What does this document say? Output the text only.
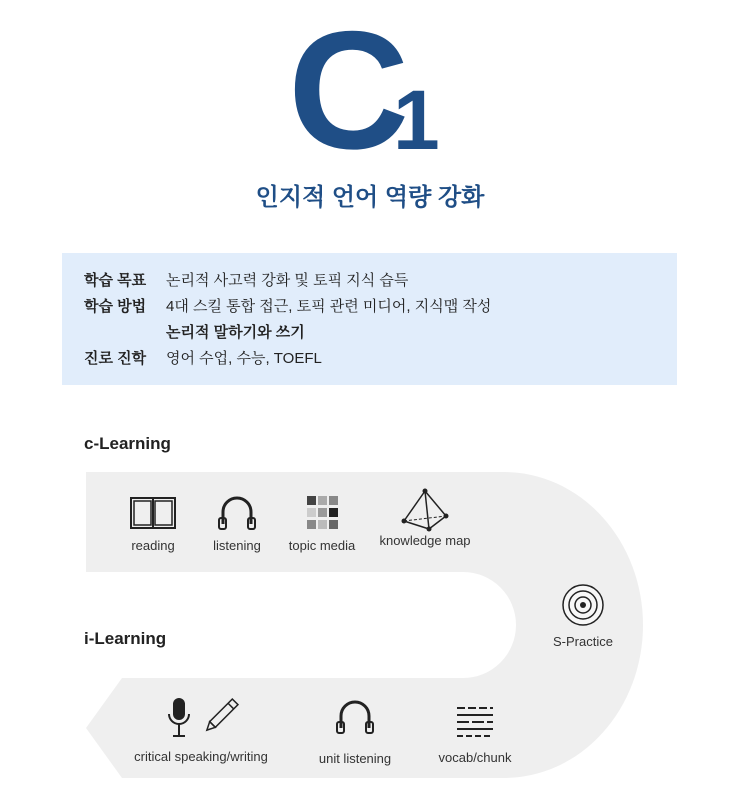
C
1
인지적 언어 역량 강화
학습 목표 논리적 사고력 강화 및 토픽 지식 습득
학습 방법 4대 스킬 통합 접근, 토픽 관련 미디어, 지식맵 작성
논리적 말하기와 쓰기
진로 진학 영어 수업, 수능, TOEFL
c-Learning
i-Learning
reading	listening	topic media knowledge map
S-Practice
critical speaking/writing	unit listening	vocab/chunk
